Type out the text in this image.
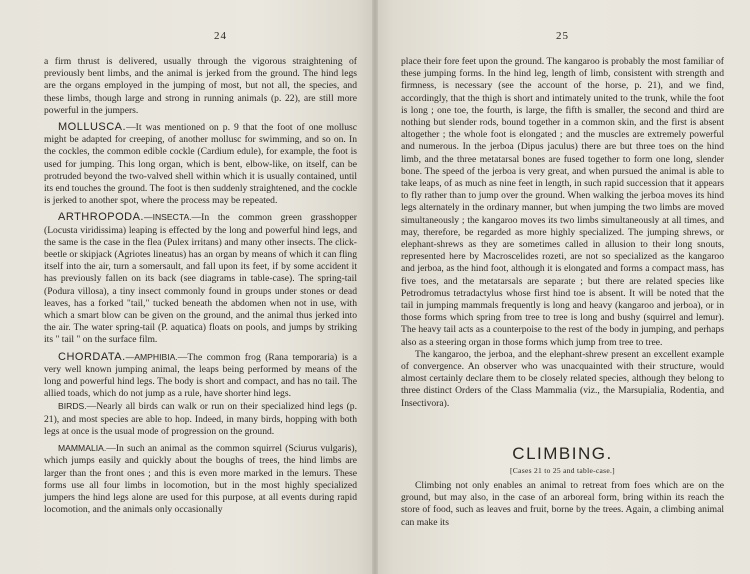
24

a firm thrust is delivered, usually through the vigorous straightening of previously bent limbs, and the animal is jerked from the ground. The hind legs are the organs employed in the jumping of most, but not all, the species, and these limbs, though large and strong in running animals (p. 22), are still more powerful in the jumpers.

MOLLUSCA.—It was mentioned on p. 9 that the foot of one mollusc might be adapted for creeping, of another mollusc for swimming, and so on. In the cockles, the common edible cockle (Cardium edule), for example, the foot is used for jumping. This long organ, which is bent, elbow-like, on itself, can be protruded beyond the two-valved shell within which it is usually contained, until its end touches the ground. The foot is then suddenly straightened, and the cockle is jerked to another spot, where the process may be repeated.

ARTHROPODA.—INSECTA.—In the common green grasshopper (Locusta viridissima) leaping is effected by the long and powerful hind legs, and the same is the case in the flea (Pulex irritans) and many other insects. The click-beetle or skipjack (Agriotes lineatus) has an organ by means of which it can fling itself into the air, turn a somersault, and fall upon its feet, if by some accident it has previously fallen on its back (see diagrams in table-case). The spring-tail (Podura villosa), a tiny insect commonly found in groups under stones or dead leaves, has a forked "tail," tucked beneath the abdomen when not in use, with which a smart blow can be given on the ground, and the animal thus jerked into the air. The water spring-tail (P. aquatica) floats on pools, and jumps by striking its " tail " on the surface film.

CHORDATA.—AMPHIBIA.—The common frog (Rana temporaria) is a very well known jumping animal, the leaps being performed by means of the long and powerful hind legs. The body is short and compact, and has no tail. The allied toads, which do not jump as a rule, have shorter hind legs.

BIRDS.—Nearly all birds can walk or run on their specialized hind legs (p. 21), and most species are able to hop. Indeed, in many birds, hopping with both legs at once is the usual mode of progression on the ground.

MAMMALIA.—In such an animal as the common squirrel (Sciurus vulgaris), which jumps easily and quickly about the boughs of trees, the hind limbs are larger than the front ones ; and this is even more marked in the lemurs. These forms use all four limbs in locomotion, but in the most highly specialized jumpers the hind legs alone are used for this purpose, at all events during rapid locomotion, and the animals only occasionally

25

place their fore feet upon the ground. The kangaroo is probably the most familiar of these jumping forms. In the hind leg, length of limb, consistent with strength and firmness, is necessary (see the account of the horse, p. 21), and we find, accordingly, that the thigh is short and intimately united to the trunk, while the foot is long ; one toe, the fourth, is large, the fifth is smaller, the second and third are nothing but slender rods, bound together in a common skin, and the first is absent altogether ; the whole foot is elongated ; and the muscles are extremely powerful and numerous. In the jerboa (Dipus jaculus) there are but three toes on the hind limb, and the three metatarsal bones are fused together to form one long, slender bone. The speed of the jerboa is very great, and when pursued the animal is able to take leaps, of as much as nine feet in length, in such rapid succession that it appears to fly rather than to jump over the ground. When walking the jerboa moves its hind legs alternately in the ordinary manner, but when jumping the two limbs are moved simultaneously ; the kangaroo moves its two limbs simultaneously at all times, and may, therefore, be regarded as more highly specialized. The jumping shrews, or elephant-shrews as they are sometimes called in allusion to their long snouts, represented here by Macroscelides rozeti, are not so specialized as the kangaroo and jerboa, as the hind foot, although it is elongated and forms a compact mass, has five toes, and the metatarsals are separate ; but there are related species like Petrodromus tetradactylus whose first hind toe is absent. It will be noted that the tail in jumping mammals frequently is long and heavy (kangaroo and jerboa), or in those forms which spring from tree to tree is long and bushy (squirrel and lemur). The heavy tail acts as a counterpoise to the rest of the body in jumping, and perhaps also as a steering organ in those forms which jump from tree to tree.

The kangaroo, the jerboa, and the elephant-shrew present an excellent example of convergence. An observer who was unacquainted with their structure, would almost certainly declare them to be closely related species, although they belong to three distinct Orders of the Class Mammalia (viz., the Marsupialia, Rodentia, and Insectivora).

CLIMBING.
[Cases 21 to 25 and table-case.]

Climbing not only enables an animal to retreat from foes which are on the ground, but may also, in the case of an arboreal form, bring within its reach the store of food, such as leaves and fruit, borne by the trees. Again, a climbing animal can make its
